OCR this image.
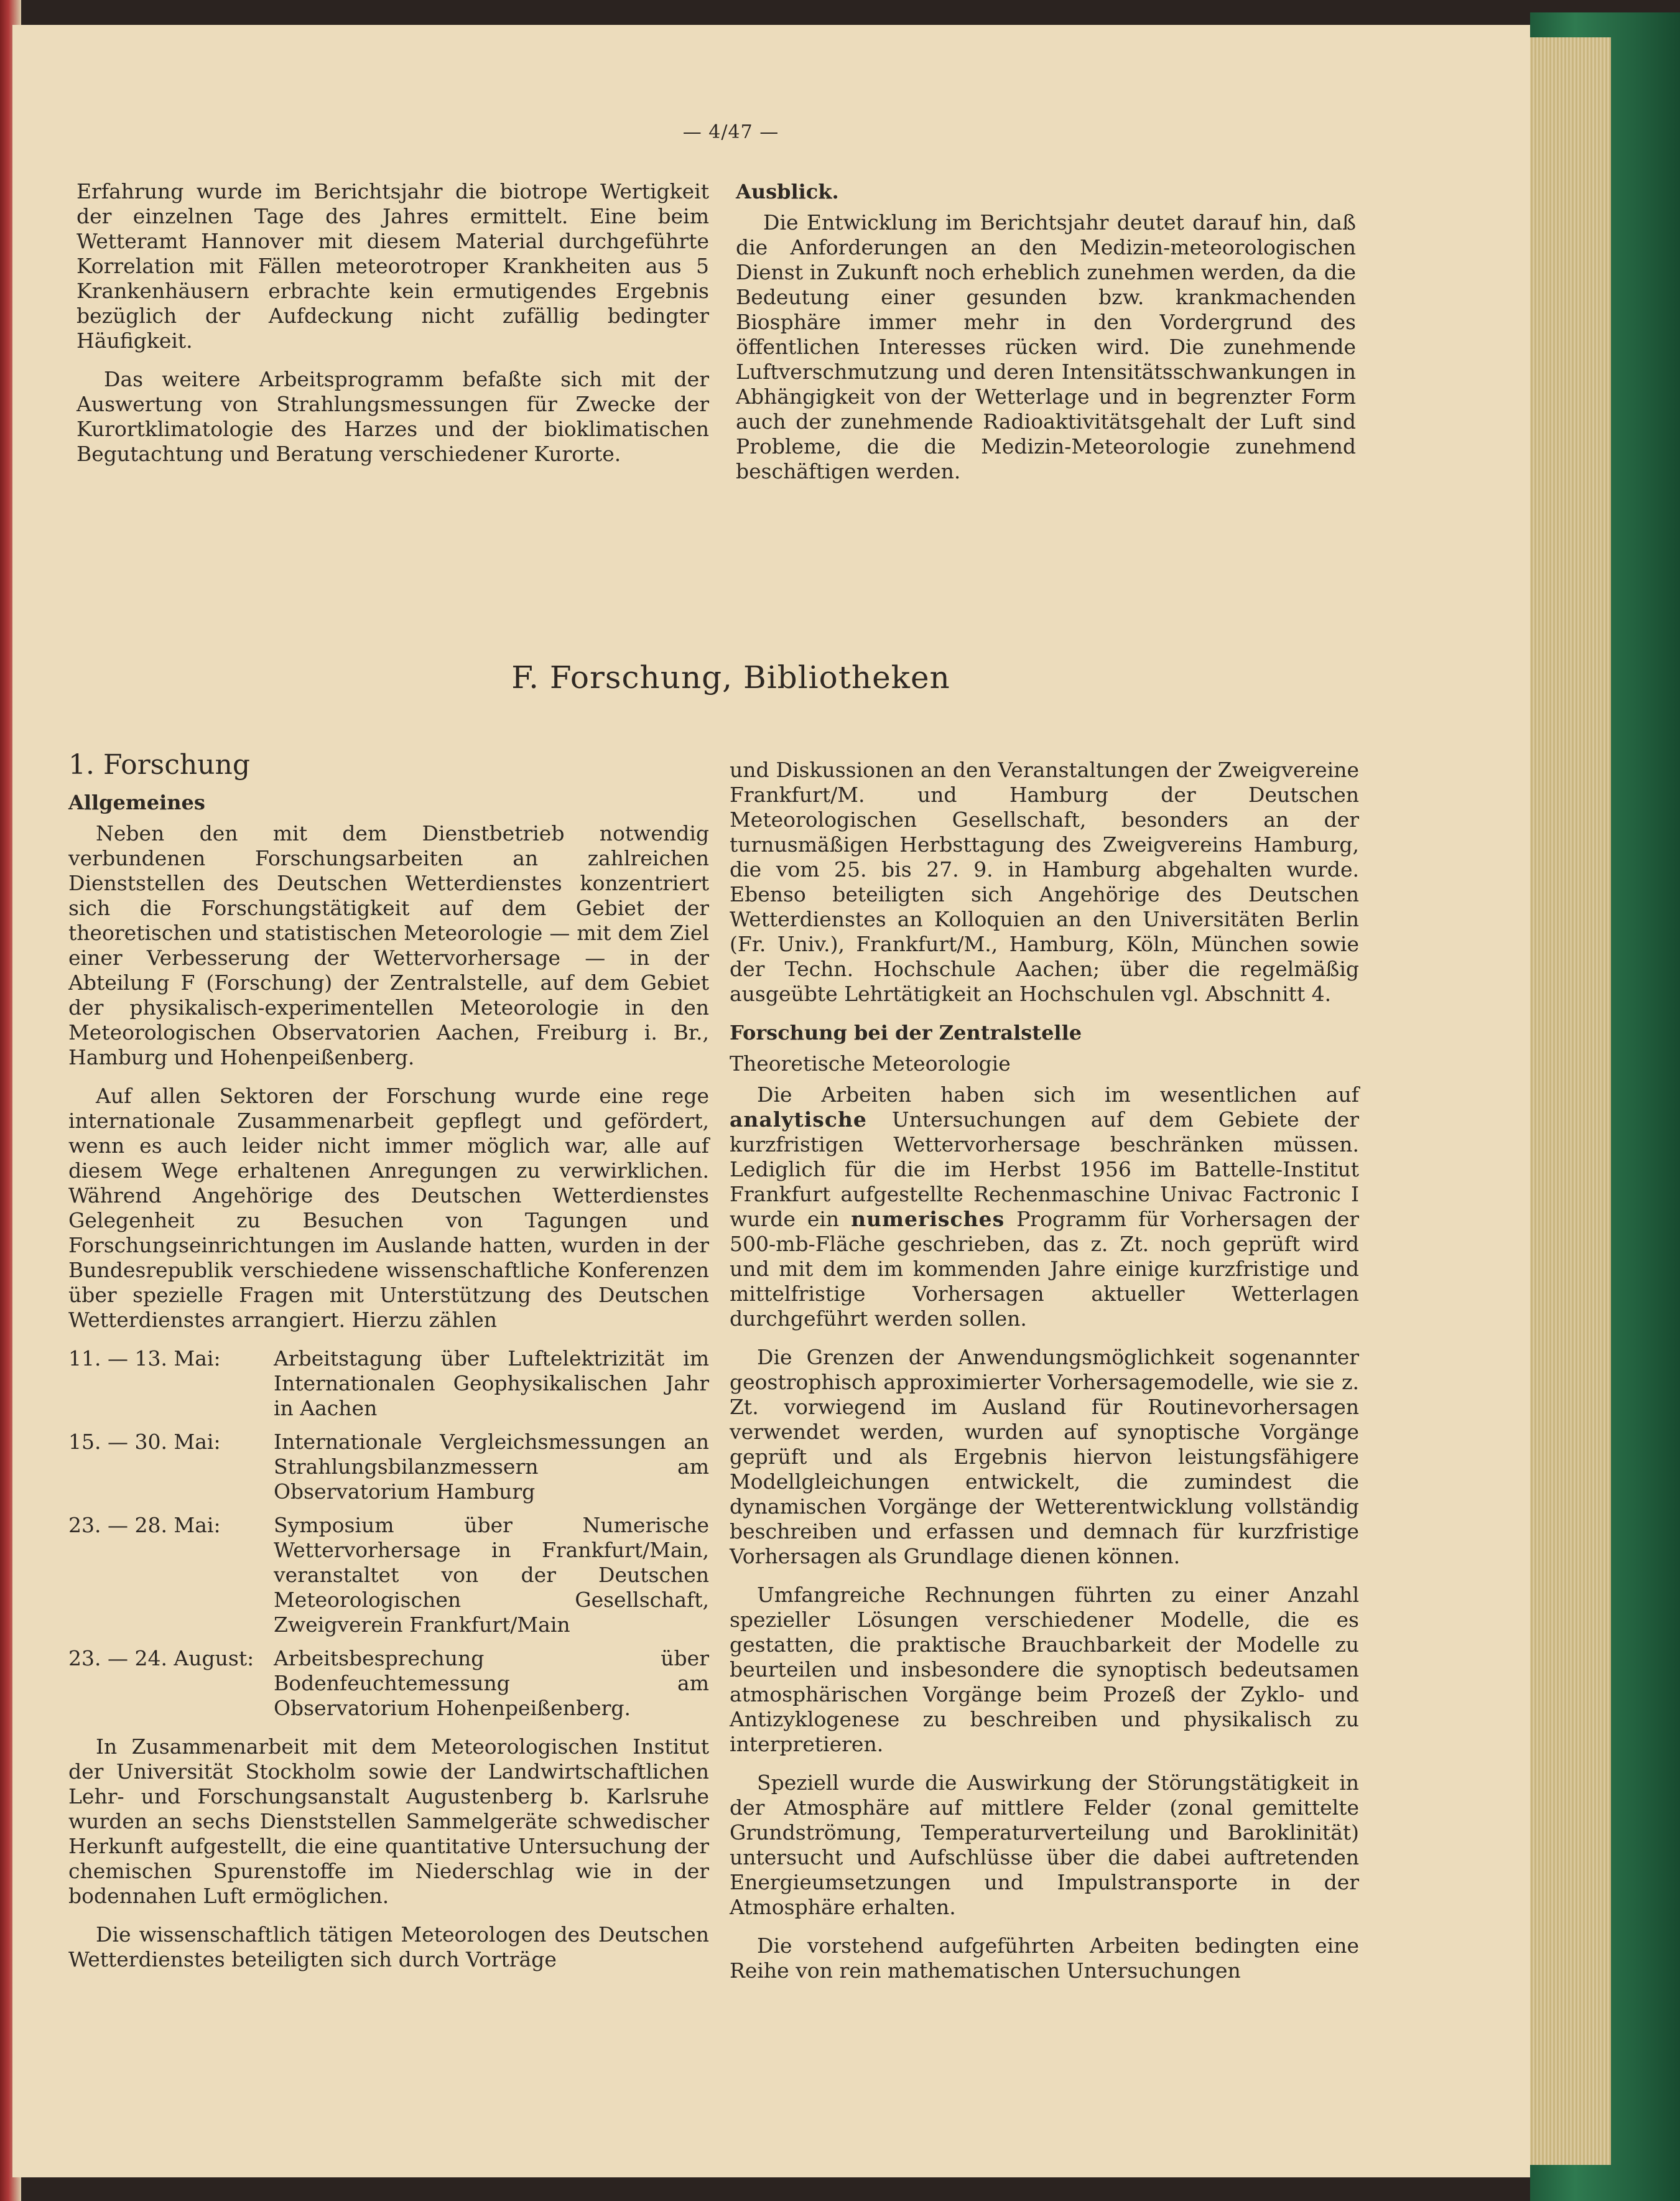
— 4/47 —

Erfahrung wurde im Berichtsjahr die biotrope Wertigkeit der einzelnen Tage des Jahres ermittelt. Eine beim Wetteramt Hannover mit diesem Material durchgeführte Korrelation mit Fällen meteorotroper Krankheiten aus 5 Krankenhäusern erbrachte kein ermutigendes Ergebnis bezüglich der Aufdeckung nicht zufällig bedingter Häufigkeit.

Das weitere Arbeitsprogramm befaßte sich mit der Auswertung von Strahlungsmessungen für Zwecke der Kurortklimatologie des Harzes und der bioklimatischen Begutachtung und Beratung verschiedener Kurorte.

Ausblick.

Die Entwicklung im Berichtsjahr deutet darauf hin, daß die Anforderungen an den Medizin-meteorologischen Dienst in Zukunft noch erheblich zunehmen werden, da die Bedeutung einer gesunden bzw. krankmachenden Biosphäre immer mehr in den Vordergrund des öffentlichen Interesses rücken wird. Die zunehmende Luftverschmutzung und deren Intensitätsschwankungen in Abhängigkeit von der Wetterlage und in begrenzter Form auch der zunehmende Radioaktivitätsgehalt der Luft sind Probleme, die die Medizin-Meteorologie zunehmend beschäftigen werden.

F. Forschung, Bibliotheken
1. Forschung
Allgemeines

Neben den mit dem Dienstbetrieb notwendig verbundenen Forschungsarbeiten an zahlreichen Dienststellen des Deutschen Wetterdienstes konzentriert sich die Forschungstätigkeit auf dem Gebiet der theoretischen und statistischen Meteorologie — mit dem Ziel einer Verbesserung der Wettervorhersage — in der Abteilung F (Forschung) der Zentralstelle, auf dem Gebiet der physikalisch-experimentellen Meteorologie in den Meteorologischen Observatorien Aachen, Freiburg i. Br., Hamburg und Hohenpeißenberg.

Auf allen Sektoren der Forschung wurde eine rege internationale Zusammenarbeit gepflegt und gefördert, wenn es auch leider nicht immer möglich war, alle auf diesem Wege erhaltenen Anregungen zu verwirklichen. Während Angehörige des Deutschen Wetterdienstes Gelegenheit zu Besuchen von Tagungen und Forschungseinrichtungen im Auslande hatten, wurden in der Bundesrepublik verschiedene wissenschaftliche Konferenzen über spezielle Fragen mit Unterstützung des Deutschen Wetterdienstes arrangiert. Hierzu zählen

11. — 13. Mai:	Arbeitstagung über Luftelektrizität im Internationalen Geophysikalischen Jahr in Aachen
15. — 30. Mai:	Internationale Vergleichsmessungen an Strahlungsbilanzmessern am Observatorium Hamburg
23. — 28. Mai:	Symposium über Numerische Wettervorhersage in Frankfurt/Main, veranstaltet von der Deutschen Meteorologischen Gesellschaft, Zweigverein Frankfurt/Main
23. — 24. August: Arbeitsbesprechung über Bodenfeuchtemessung am Observatorium Hohenpeißenberg.

In Zusammenarbeit mit dem Meteorologischen Institut der Universität Stockholm sowie der Landwirtschaftlichen Lehr- und Forschungsanstalt Augustenberg b. Karlsruhe wurden an sechs Dienststellen Sammelgeräte schwedischer Herkunft aufgestellt, die eine quantitative Untersuchung der chemischen Spurenstoffe im Niederschlag wie in der bodennahen Luft ermöglichen.

Die wissenschaftlich tätigen Meteorologen des Deutschen Wetterdienstes beteiligten sich durch Vorträge

und Diskussionen an den Veranstaltungen der Zweigvereine Frankfurt/M. und Hamburg der Deutschen Meteorologischen Gesellschaft, besonders an der turnusmäßigen Herbsttagung des Zweigvereins Hamburg, die vom 25. bis 27. 9. in Hamburg abgehalten wurde. Ebenso beteiligten sich Angehörige des Deutschen Wetterdienstes an Kolloquien an den Universitäten Berlin (Fr. Univ.), Frankfurt/M., Hamburg, Köln, München sowie der Techn. Hochschule Aachen; über die regelmäßig ausgeübte Lehrtätigkeit an Hochschulen vgl. Abschnitt 4.

Forschung bei der Zentralstelle
Theoretische Meteorologie

Die Arbeiten haben sich im wesentlichen auf analytische Untersuchungen auf dem Gebiete der kurzfristigen Wettervorhersage beschränken müssen. Lediglich für die im Herbst 1956 im Battelle-Institut Frankfurt aufgestellte Rechenmaschine Univac Factronic I wurde ein numerisches Programm für Vorhersagen der 500-mb-Fläche geschrieben, das z. Zt. noch geprüft wird und mit dem im kommenden Jahre einige kurzfristige und mittelfristige Vorhersagen aktueller Wetterlagen durchgeführt werden sollen.

Die Grenzen der Anwendungsmöglichkeit sogenannter geostrophisch approximierter Vorhersagemodelle, wie sie z. Zt. vorwiegend im Ausland für Routinevorhersagen verwendet werden, wurden auf synoptische Vorgänge geprüft und als Ergebnis hiervon leistungsfähigere Modellgleichungen entwickelt, die zumindest die dynamischen Vorgänge der Wetterentwicklung vollständig beschreiben und erfassen und demnach für kurzfristige Vorhersagen als Grundlage dienen können.

Umfangreiche Rechnungen führten zu einer Anzahl spezieller Lösungen verschiedener Modelle, die es gestatten, die praktische Brauchbarkeit der Modelle zu beurteilen und insbesondere die synoptisch bedeutsamen atmosphärischen Vorgänge beim Prozeß der Zyklo- und Antizyklogenese zu beschreiben und physikalisch zu interpretieren.

Speziell wurde die Auswirkung der Störungstätigkeit in der Atmosphäre auf mittlere Felder (zonal gemittelte Grundströmung, Temperaturverteilung und Baroklinität) untersucht und Aufschlüsse über die dabei auftretenden Energieumsetzungen und Impulstransporte in der Atmosphäre erhalten.

Die vorstehend aufgeführten Arbeiten bedingten eine Reihe von rein mathematischen Untersuchungen
